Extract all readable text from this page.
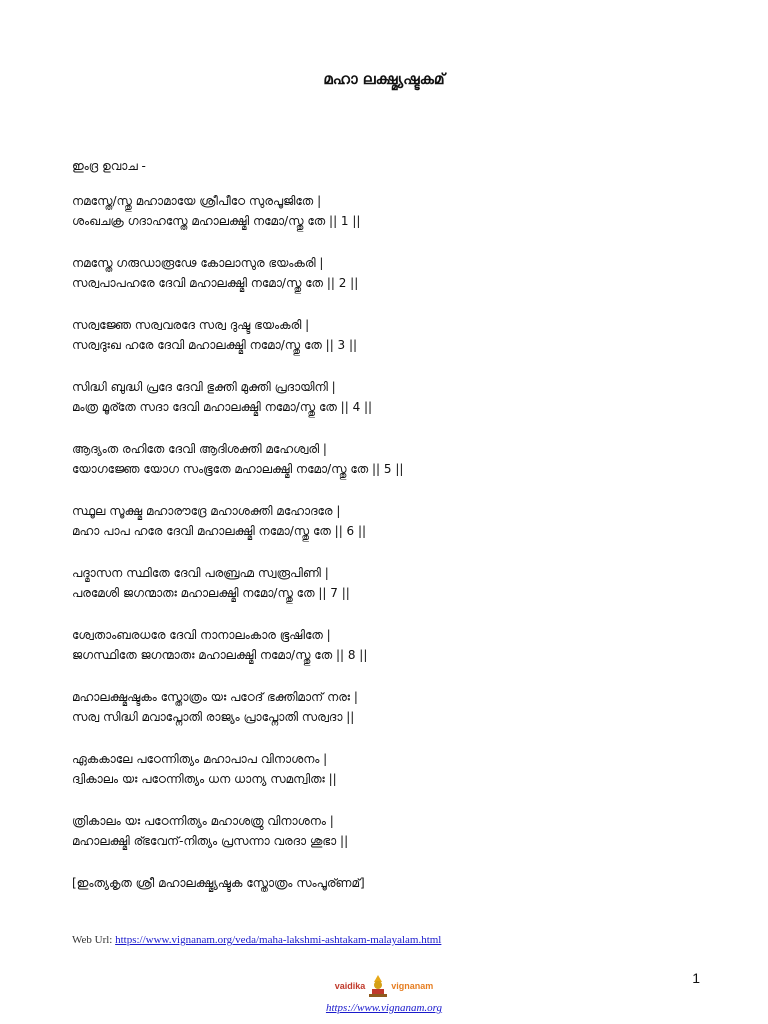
മഹാ ലക്ഷ്മ്യഷ്ടകമ്
ഇംദ്ര ഉവാച -
നമസ്തേ/സ്തു മഹാമായേ ശ്രീപീഠേ സുരപൂജിതേ |
ശംഖചക്ര ഗദാഹസ്തേ മഹാലക്ഷ്മി നമോ/സ്തു തേ || 1 ||
നമസ്തേ ഗരുഡാരൂഢേ കോലാസുര ഭയംകരി |
സര്വപാപഹരേ ദേവി മഹാലക്ഷ്മി നമോ/സ്തു തേ || 2 ||
സര്വജ്ഞേ സര്വവരദേ സര്വ ദുഷ്ട ഭയംകരി |
സര്വദുഃഖ ഹരേ ദേവി മഹാലക്ഷ്മി നമോ/സ്തു തേ || 3 ||
സിദ്ധി ബുദ്ധി പ്രദേ ദേവി ഭുക്തി മുക്തി പ്രദായിനി |
മംത്ര മൂര്തേ സദാ ദേവി മഹാലക്ഷ്മി നമോ/സ്തു തേ || 4 ||
ആദ്യംത രഹിതേ ദേവി ആദിശക്തി മഹേശ്വരി |
യോഗജ്ഞേ യോഗ സംഭൂതേ മഹാലക്ഷ്മി നമോ/സ്തു തേ || 5 ||
സ്ഥൂല സൂക്ഷ്മ മഹാരൗദ്രേ മഹാശക്തി മഹോദരേ |
മഹാ പാപ ഹരേ ദേവി മഹാലക്ഷ്മി നമോ/സ്തു തേ || 6 ||
പദ്മാസന സ്ഥിതേ ദേവി പരബ്രഹ്മ സ്വരൂപിണി |
പരമേശി ജഗന്മാതഃ മഹാലക്ഷ്മി നമോ/സ്തു തേ || 7 ||
ശ്വേതാംബരധരേ ദേവി നാനാലംകാര ഭൂഷിതേ |
ജഗസ്ഥിതേ ജഗന്മാതഃ മഹാലക്ഷ്മി നമോ/സ്തു തേ || 8 ||
മഹാലക്ഷ്മഷ്ടകം സ്തോത്രം യഃ പഠേദ് ഭക്തിമാന് നരഃ |
സര്വ സിദ്ധി മവാപ്നോതി രാജ്യം പ്രാപ്നോതി സര്വദാ ||
ഏകകാലേ പഠേന്നിത്യം മഹാപാപ വിനാശനം |
ദ്വികാലം യഃ പഠേന്നിത്യം ധന ധാന്യ സമന്വിതഃ ||
ത്രികാലം യഃ പഠേന്നിത്യം മഹാശത്രു വിനാശനം |
മഹാലക്ഷ്മി ര്ഭവേന്-നിത്യം പ്രസന്നാ വരദാ ശുഭാ ||
[ഇംത്യകൃത ശ്രീ മഹാലക്ഷ്മ്യഷ്ടക സ്തോത്രം സംപൂര്ണമ്]
Web Url: https://www.vignanam.org/veda/maha-lakshmi-ashtakam-malayalam.html
1
vaidika	vignanam
https://www.vignanam.org
